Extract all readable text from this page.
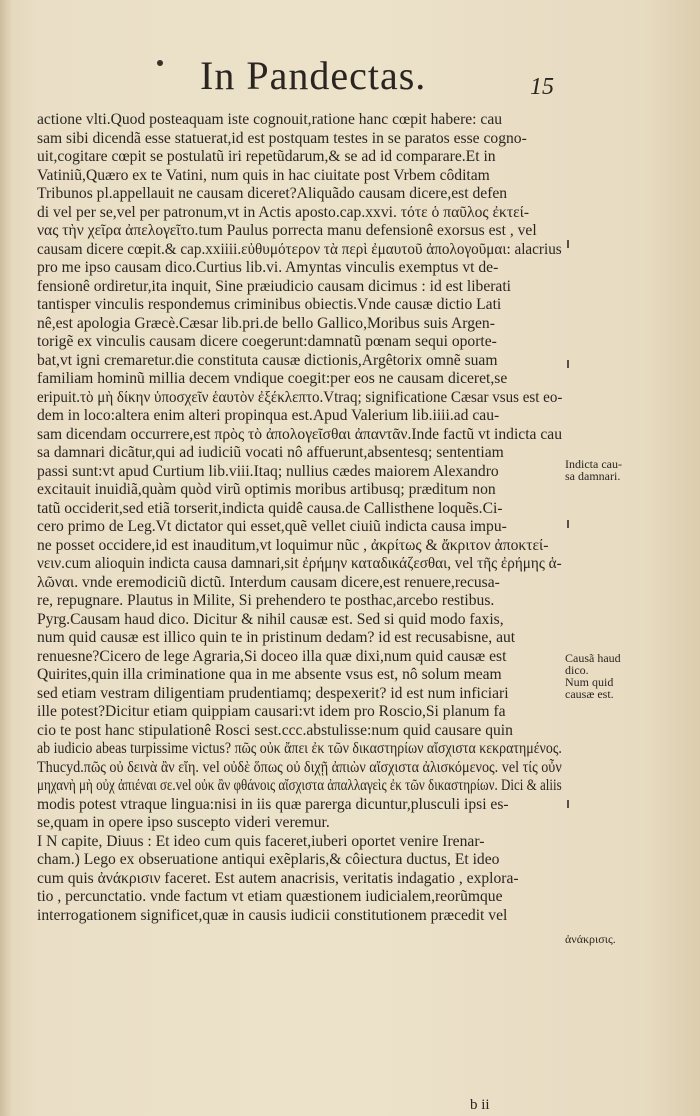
In Pandectas.	15
actione vlti.Quod posteaquam iste cognouit,ratione hanc cœpit habere: cau
sam sibi dicendã esse statuerat,id est postquam testes in se paratos esse cogno-
uit,cogitare cœpit se postulatũ iri repetũdarum,& se ad id comparare.Et in
Vatiniũ,Quæro ex te Vatini, num quis in hac ciuitate post Vrbem côditam
Tribunos pl.appellauit ne causam diceret?Aliquãdo causam dicere,est defen
di vel per se,vel per patronum,vt in Actis aposto.cap.xxvi. τότε ὁ παῦλος ἐκτεί-
νας τὴν χεῖρα ἀπελογεῖτο.tum Paulus porrecta manu defensionê exorsus est , vel
causam dicere cœpit.& cap.xxiiii.εὐθυμότερον τὰ περὶ ἐμαυτοῦ ἀπολογοῦμαι: alacrius
pro me ipso causam dico.Curtius lib.vi. Amyntas vinculis exemptus vt de-
fensionê ordiretur,ita inquit, Sine præiudicio causam dicimus : id est liberati
tantisper vinculis respondemus criminibus obiectis.Vnde causæ dictio Lati
nê,est apologia Græcè.Cæsar lib.pri.de bello Gallico,Moribus suis Argen-
torigẽ ex vinculis causam dicere coegerunt:damnatũ pœnam sequi oporte-
bat,vt igni cremaretur.die constituta causæ dictionis,Argêtorix omnẽ suam
familiam hominũ millia decem vndique coegit:per eos ne causam diceret,se
eripuit.τὸ μὴ δίκην ὑποσχεῖν ἑαυτὸν ἐξέκλεπτο.Vtraq; significatione Cæsar vsus est eo-
dem in loco:altera enim alteri propinqua est.Apud Valerium lib.iiii.ad cau-
sam dicendam occurrere,est πρὸς τὸ ἀπολογεῖσθαι ἀπαντᾶν.Inde factũ vt indicta cau
sa damnari dicãtur,qui ad iudiciũ vocati nô affuerunt,absentesq; sententiam
passi sunt:vt apud Curtium lib.viii.Itaq; nullius cædes maiorem Alexandro
excitauit inuidiã,quàm quòd virũ optimis moribus artibusq; præditum non
tatũ occiderit,sed etiã torserit,indicta quidê causa.de Callisthene loquẽs.Ci-
cero primo de Leg.Vt dictator qui esset,quẽ vellet ciuiũ indicta causa impu-
ne posset occidere,id est inauditum,vt loquimur nũc , ἀκρίτως & ἄκριτον ἀποκτεί-
νειν.cum alioquin indicta causa damnari,sit ἐρήμην καταδικάζεσθαι, vel τῆς ἐρήμης ἁ-
λῶναι. vnde eremodiciũ dictũ. Interdum causam dicere,est renuere,recusa-
re, repugnare. Plautus in Milite, Si prehendero te posthac,arcebo restibus.
Pyrg.Causam haud dico. Dicitur & nihil causæ est. Sed si quid modo faxis,
num quid causæ est illico quin te in pristinum dedam? id est recusabisne, aut
renuesne?Cicero de lege Agraria,Si doceo illa quæ dixi,num quid causæ est
Quirites,quin illa criminatione qua in me absente vsus est, nô solum meam
sed etiam vestram diligentiam prudentiamq; despexerit? id est num inficiari
ille potest?Dicitur etiam quippiam causari:vt idem pro Roscio,Si planum fa
cio te post hanc stipulationê Rosci sest.ccc.abstulisse:num quid causare quin
ab iudicio abeas turpissime victus? πῶς οὐκ ἄπει ἐκ τῶν δικαστηρίων αἴσχιστα κεκρατημένος.
Thucyd.πῶς οὐ δεινὰ ἂν εἴη. vel οὐδὲ ὅπως οὐ διχῇ ἀπιὼν αἴσχιστα ἀλισκόμενος. vel τίς οὖν
μηχανὴ μὴ οὐχ ἀπιέναι σε.vel οὐκ ἂν φθάνοις αἴσχιστα ἀπαλλαγεὶς ἐκ τῶν δικαστηρίων. Dici & aliis
modis potest vtraque lingua:nisi in iis quæ parerga dicuntur,plusculi ipsi es-
se,quam in opere ipso suscepto videri veremur.
I N capite, Diuus : Et ideo cum quis faceret,iuberi oportet venire Irenar-
cham.) Lego ex obseruatione antiqui exẽplaris,& côiectura ductus, Et ideo
cum quis ἀνάκρισιν faceret. Est autem anacrisis, veritatis indagatio , explora-
tio , percunctatio. vnde factum vt etiam quæstionem iudicialem,reorũmque
interrogationem significet,quæ in causis iudicii constitutionem præcedit vel
Indicta cau-
sa damnari.
Causã haud
dico.
Num quid
causæ est.
ἀνάκρισις.
b ii
